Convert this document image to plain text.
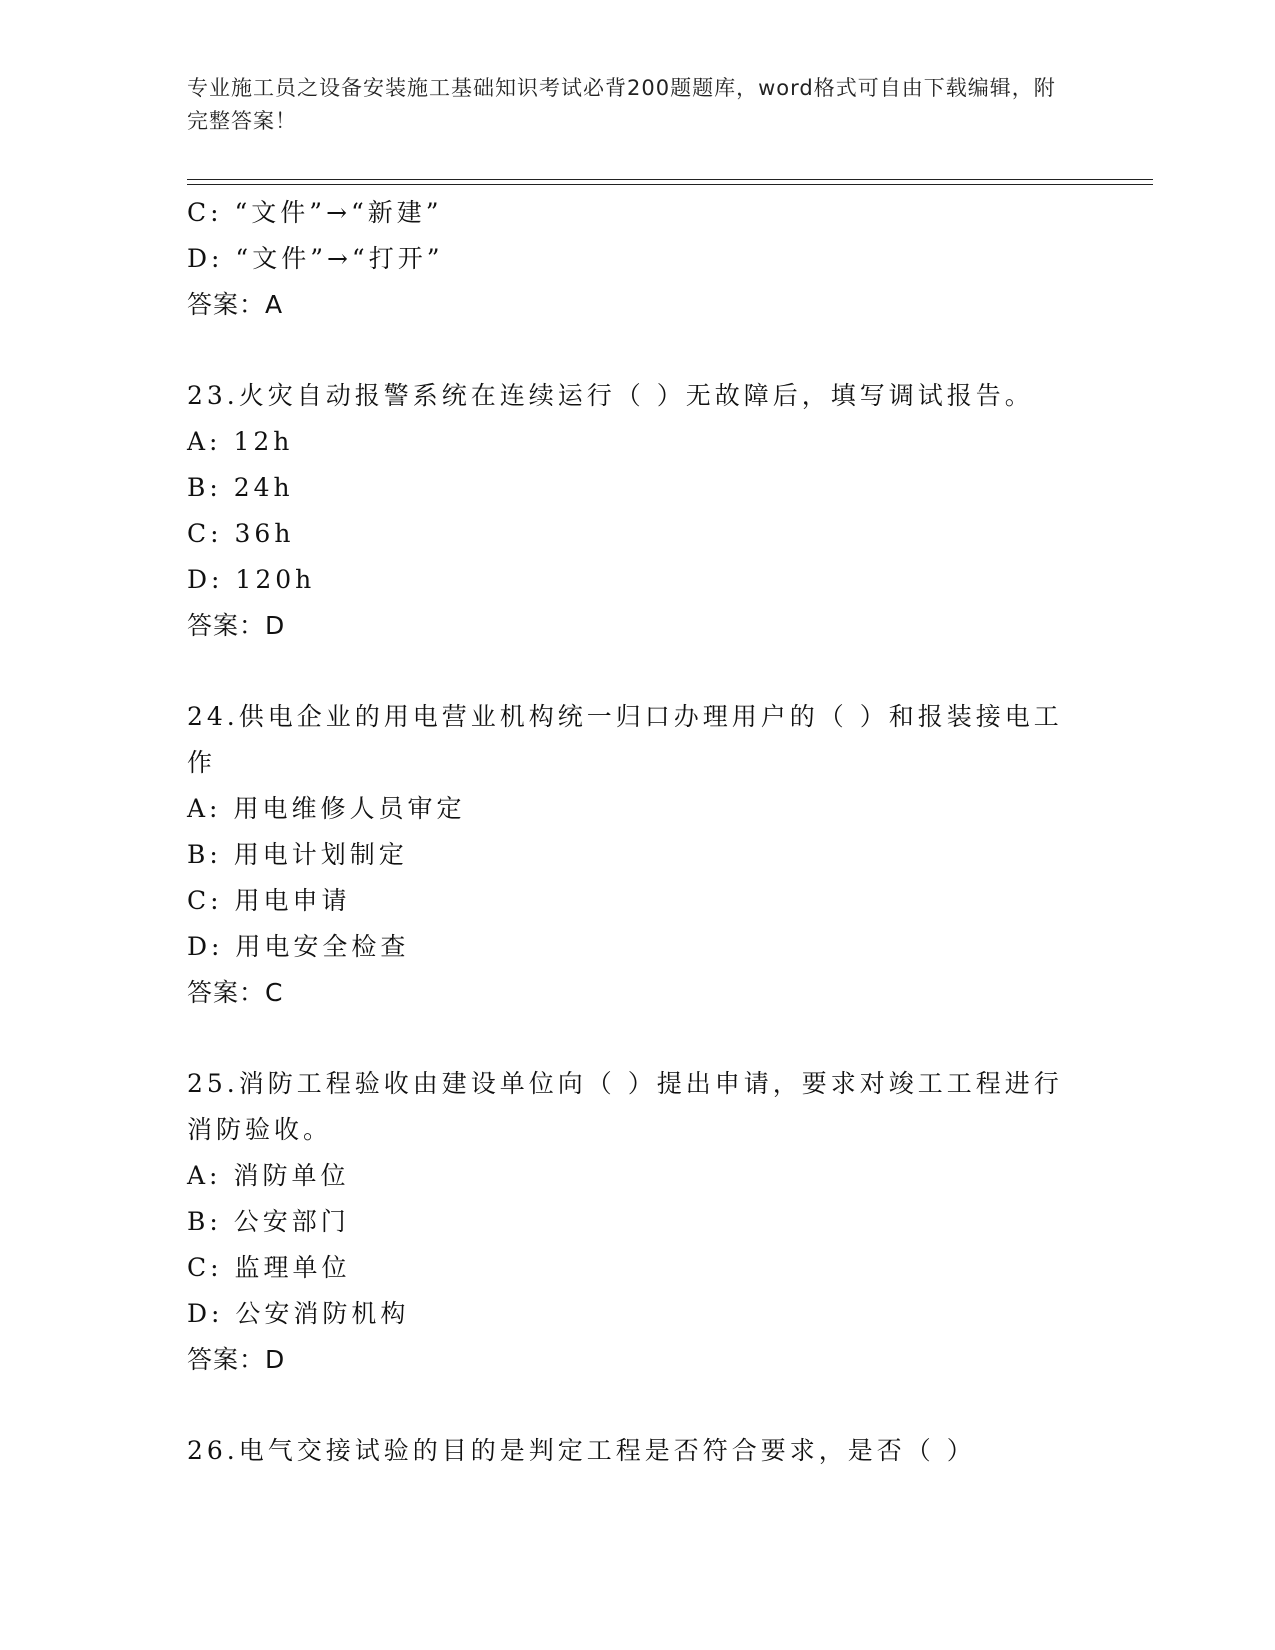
专业施工员之设备安装施工基础知识考试必背200题题库，word格式可自由下载编辑，附完整答案！
C: “文件”→“新建”
D: “文件”→“打开”
答案：A
23.火灾自动报警系统在连续运行（ ）无故障后，填写调试报告。
A: 12h
B: 24h
C: 36h
D: 120h
答案：D
24.供电企业的用电营业机构统一归口办理用户的（ ）和报装接电工作
A: 用电维修人员审定
B: 用电计划制定
C: 用电申请
D: 用电安全检查
答案：C
25.消防工程验收由建设单位向（ ）提出申请，要求对竣工工程进行消防验收。
A: 消防单位
B: 公安部门
C: 监理单位
D: 公安消防机构
答案：D
26.电气交接试验的目的是判定工程是否符合要求，是否（ ）
